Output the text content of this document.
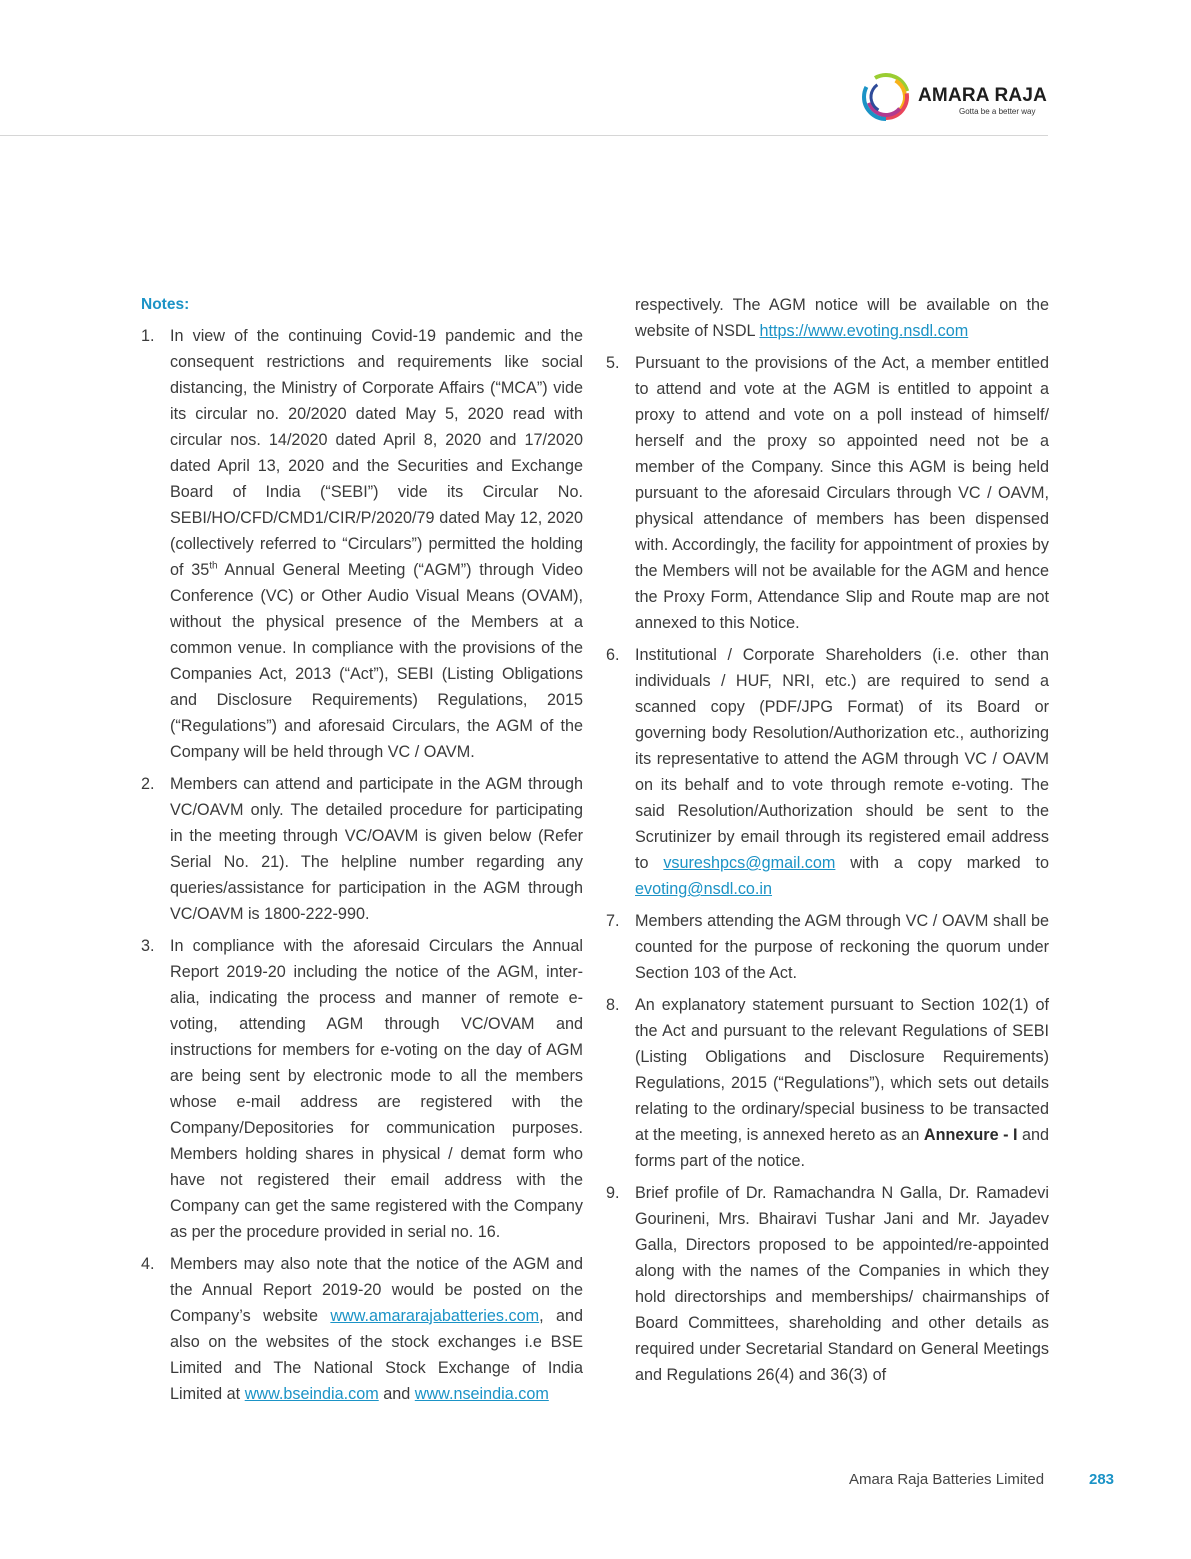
AMARA RAJA
Gotta be a better way
Notes:
1. In view of the continuing Covid-19 pandemic and the consequent restrictions and requirements like social distancing, the Ministry of Corporate Affairs (“MCA”) vide its circular no. 20/2020 dated May 5, 2020 read with circular nos. 14/2020 dated April 8, 2020 and 17/2020 dated April 13, 2020 and the Securities and Exchange Board of India (“SEBI”) vide its Circular No. SEBI/HO/CFD/CMD1/CIR/P/2020/79 dated May 12, 2020 (collectively referred to “Circulars”) permitted the holding of 35th Annual General Meeting (“AGM”) through Video Conference (VC) or Other Audio Visual Means (OVAM), without the physical presence of the Members at a common venue. In compliance with the provisions of the Companies Act, 2013 (“Act”), SEBI (Listing Obligations and Disclosure Requirements) Regulations, 2015 (“Regulations”) and aforesaid Circulars, the AGM of the Company will be held through VC / OAVM.
2. Members can attend and participate in the AGM through VC/OAVM only. The detailed procedure for participating in the meeting through VC/OAVM is given below (Refer Serial No. 21). The helpline number regarding any queries/assistance for participation in the AGM through VC/OAVM is 1800-222-990.
3. In compliance with the aforesaid Circulars the Annual Report 2019-20 including the notice of the AGM, inter-alia, indicating the process and manner of remote e-voting, attending AGM through VC/OVAM and instructions for members for e-voting on the day of AGM are being sent by electronic mode to all the members whose e-mail address are registered with the Company/Depositories for communication purposes. Members holding shares in physical / demat form who have not registered their email address with the Company can get the same registered with the Company as per the procedure provided in serial no. 16.
4. Members may also note that the notice of the AGM and the Annual Report 2019-20 would be posted on the Company’s website www.amararajabatteries.com, and also on the websites of the stock exchanges i.e BSE Limited and The National Stock Exchange of India Limited at www.bseindia.com and www.nseindia.com
respectively. The AGM notice will be available on the website of NSDL https://www.evoting.nsdl.com
5. Pursuant to the provisions of the Act, a member entitled to attend and vote at the AGM is entitled to appoint a proxy to attend and vote on a poll instead of himself/ herself and the proxy so appointed need not be a member of the Company. Since this AGM is being held pursuant to the aforesaid Circulars through VC / OAVM, physical attendance of members has been dispensed with. Accordingly, the facility for appointment of proxies by the Members will not be available for the AGM and hence the Proxy Form, Attendance Slip and Route map are not annexed to this Notice.
6. Institutional / Corporate Shareholders (i.e. other than individuals / HUF, NRI, etc.) are required to send a scanned copy (PDF/JPG Format) of its Board or governing body Resolution/Authorization etc., authorizing its representative to attend the AGM through VC / OAVM on its behalf and to vote through remote e-voting. The said Resolution/Authorization should be sent to the Scrutinizer by email through its registered email address to vsureshpcs@gmail.com with a copy marked to evoting@nsdl.co.in
7. Members attending the AGM through VC / OAVM shall be counted for the purpose of reckoning the quorum under Section 103 of the Act.
8. An explanatory statement pursuant to Section 102(1) of the Act and pursuant to the relevant Regulations of SEBI (Listing Obligations and Disclosure Requirements) Regulations, 2015 (“Regulations”), which sets out details relating to the ordinary/special business to be transacted at the meeting, is annexed hereto as an Annexure - I and forms part of the notice.
9. Brief profile of Dr. Ramachandra N Galla, Dr. Ramadevi Gourineni, Mrs. Bhairavi Tushar Jani and Mr. Jayadev Galla, Directors proposed to be appointed/re-appointed along with the names of the Companies in which they hold directorships and memberships/ chairmanships of Board Committees, shareholding and other details as required under Secretarial Standard on General Meetings and Regulations 26(4) and 36(3) of
Amara Raja Batteries Limited	283
